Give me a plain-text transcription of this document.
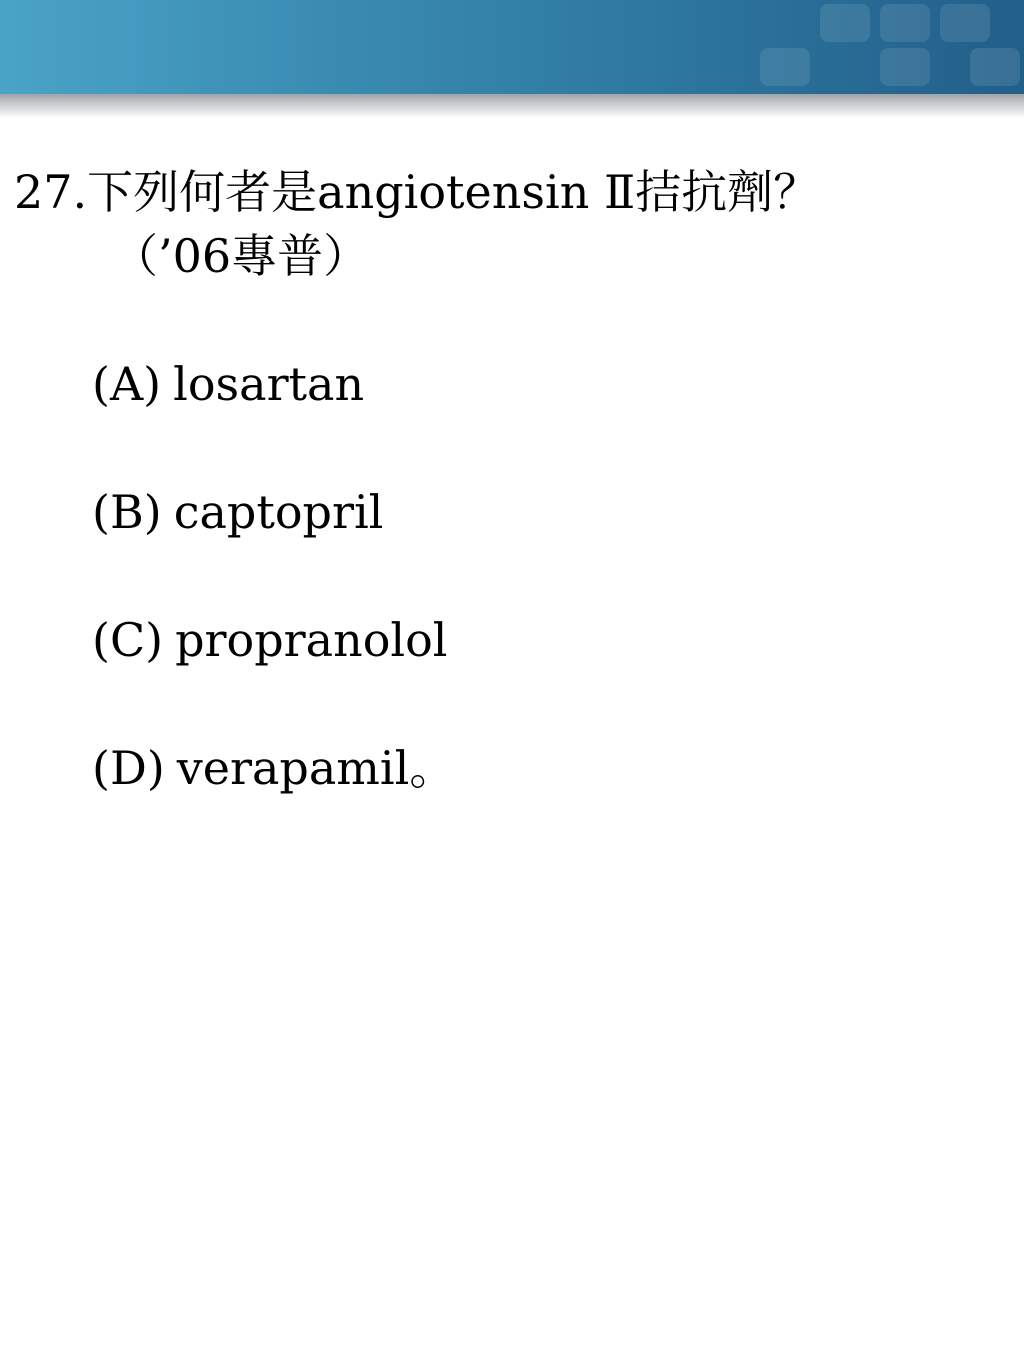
27.下列何者是angiotensin Ⅱ拮抗劑？
（’06專普）
(A) losartan
(B) captopril
(C) propranolol
(D) verapamil。
